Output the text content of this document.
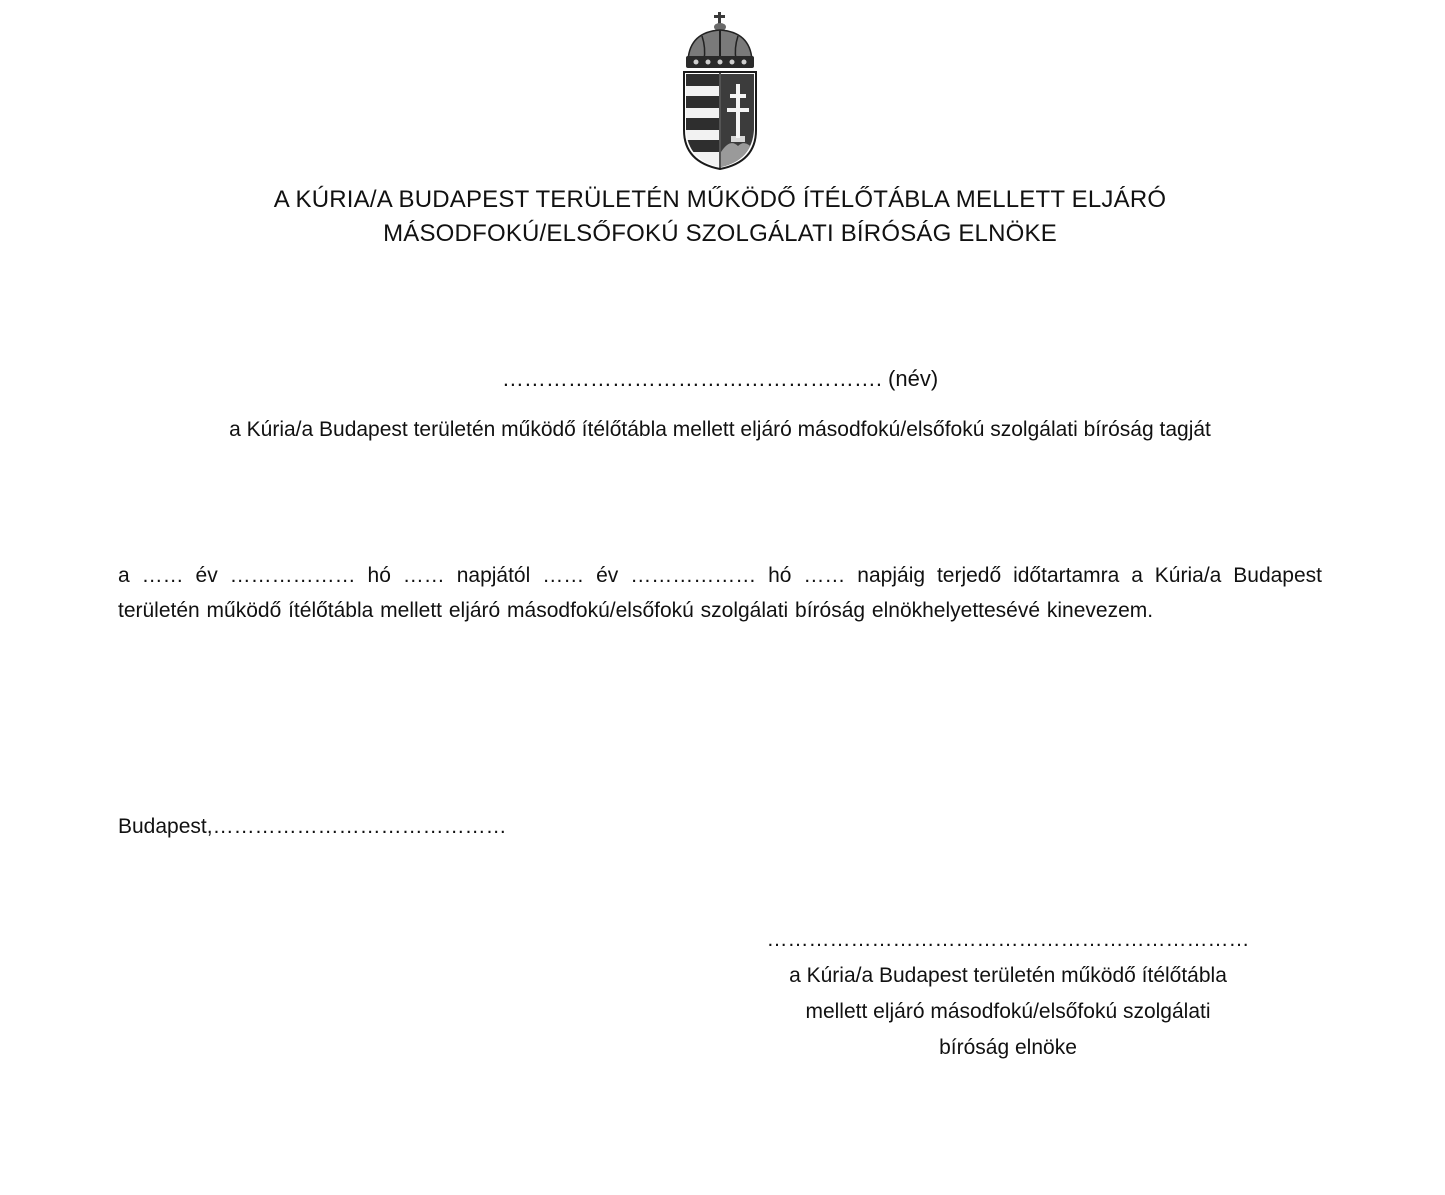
A KÚRIA/A BUDAPEST TERÜLETÉN MŰKÖDŐ ÍTÉLŐTÁBLA MELLETT ELJÁRÓ
MÁSODFOKÚ/ELSŐFOKÚ SZOLGÁLATI BÍRÓSÁG ELNÖKE
……………………………………………. (név)
a Kúria/a Budapest területén működő ítélőtábla mellett eljáró másodfokú/elsőfokú szolgálati bíróság tagját
a …… év ……………… hó …… napjától …… év ……………… hó …… napjáig terjedő időtartamra a Kúria/a Budapest területén működő ítélőtábla mellett eljáró másodfokú/elsőfokú szolgálati bíróság elnökhelyettesévé kinevezem.
Budapest,……………………………………
……………………………………………………………
a Kúria/a Budapest területén működő ítélőtábla
mellett eljáró másodfokú/elsőfokú szolgálati
bíróság elnöke
